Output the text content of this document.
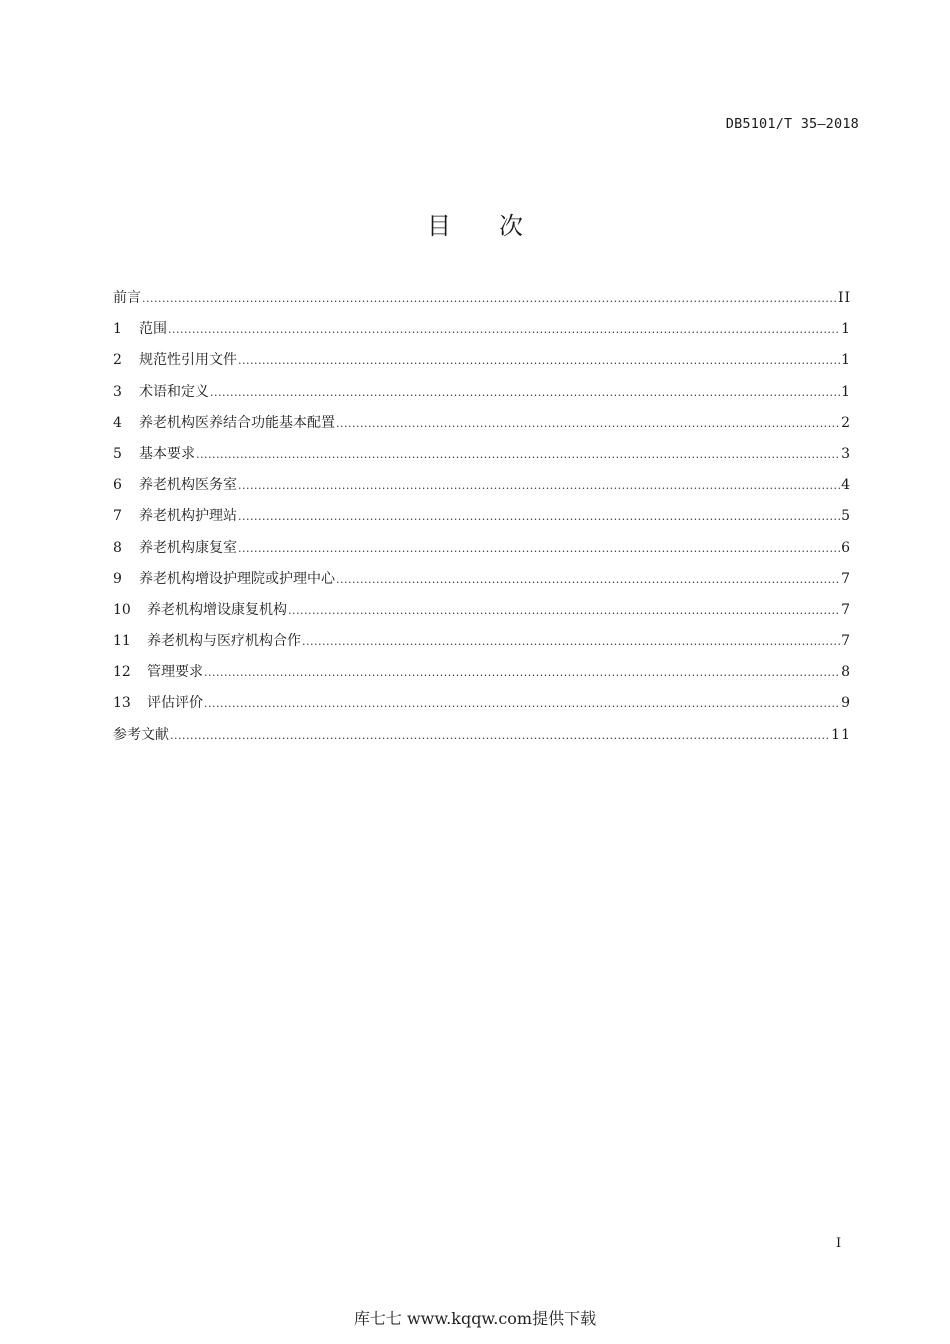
DB5101/T 35—2018
目 次
前言 .....	II
1	范围 .....	1
2	规范性引用文件 .....	1
3	术语和定义 .....	1
4	养老机构医养结合功能基本配置 .....	2
5	基本要求 .....	3
6	养老机构医务室 .....	4
7	养老机构护理站 .....	5
8	养老机构康复室 .....	6
9	养老机构增设护理院或护理中心 .....	7
10	养老机构增设康复机构 .....	7
11	养老机构与医疗机构合作 .....	7
12	管理要求 .....	8
13	评估评价 .....	9
参考文献 .....	11
I
库七七 www.kqqw.com提供下载
